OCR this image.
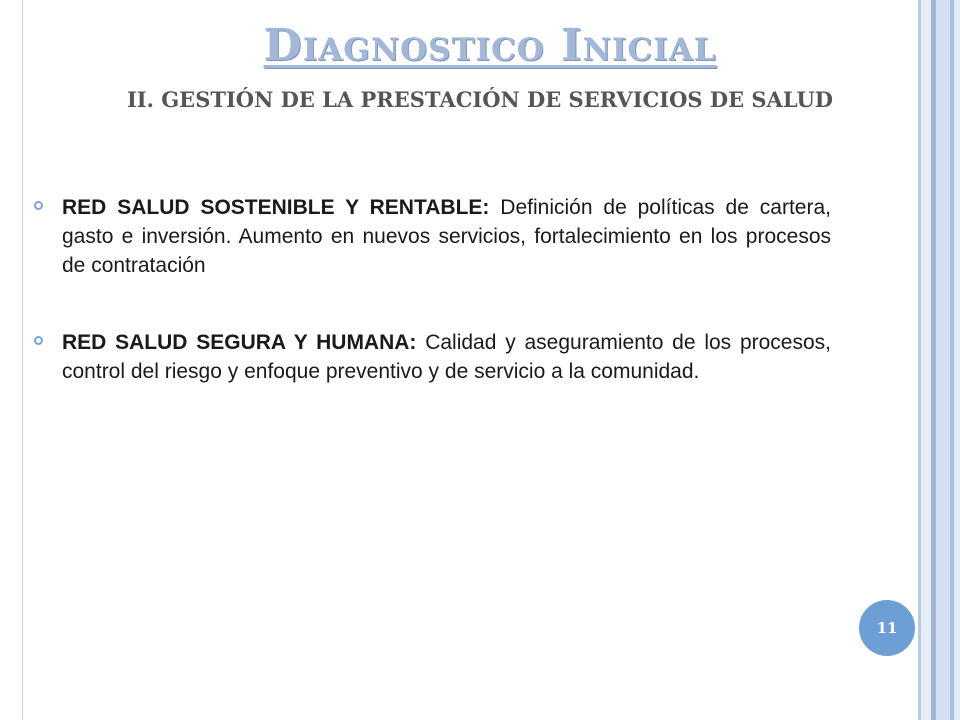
Diagnostico Inicial
II. GESTIÓN DE LA PRESTACIÓN DE SERVICIOS DE SALUD
RED SALUD SOSTENIBLE Y RENTABLE: Definición de políticas de cartera, gasto e inversión. Aumento en nuevos servicios, fortalecimiento en los procesos de contratación
RED SALUD SEGURA Y HUMANA: Calidad y aseguramiento de los procesos, control del riesgo y enfoque preventivo y de servicio a la comunidad.
11
